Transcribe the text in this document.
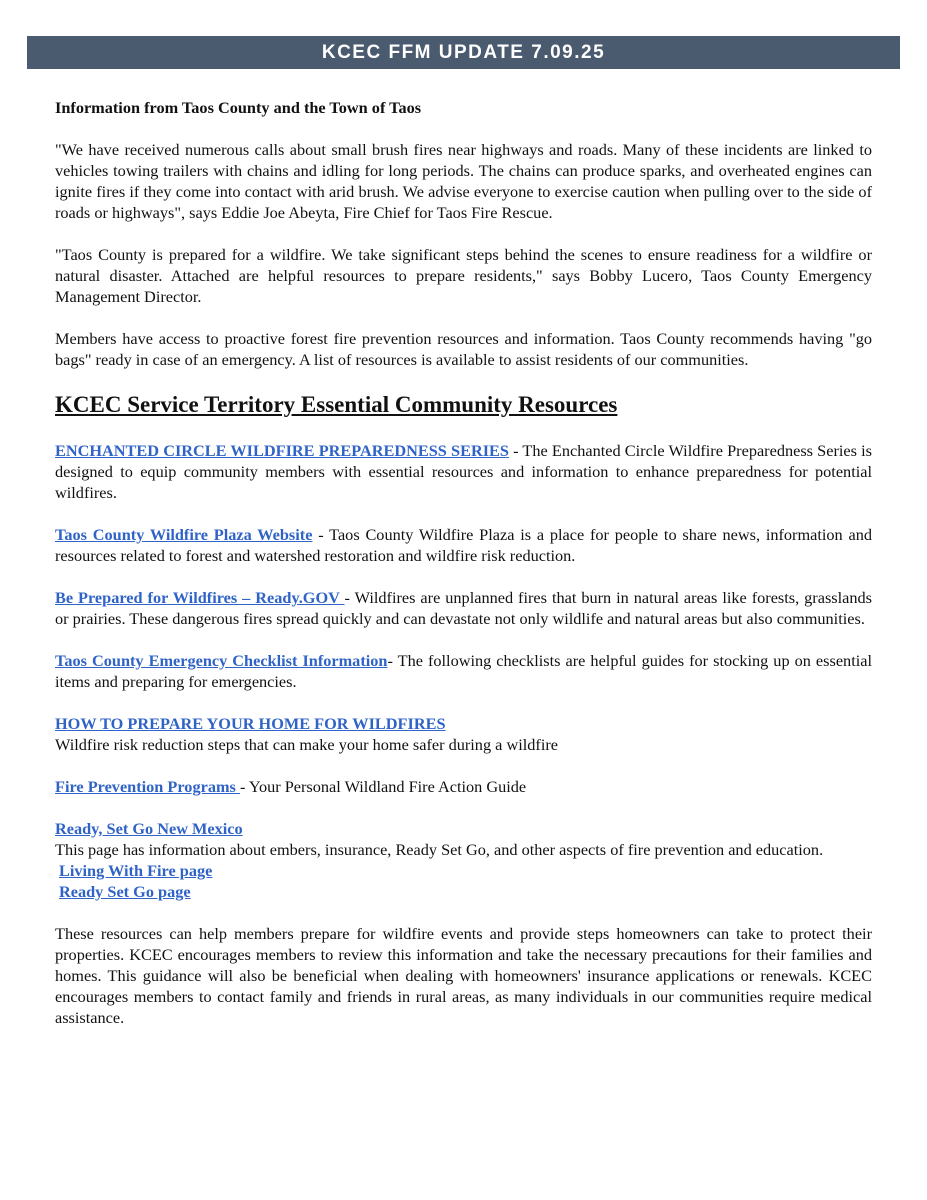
KCEC FFM UPDATE 7.09.25

Information from Taos County and the Town of Taos

"We have received numerous calls about small brush fires near highways and roads. Many of these incidents are linked to vehicles towing trailers with chains and idling for long periods. The chains can produce sparks, and overheated engines can ignite fires if they come into contact with arid brush. We advise everyone to exercise caution when pulling over to the side of roads or highways", says Eddie Joe Abeyta, Fire Chief for Taos Fire Rescue.

"Taos County is prepared for a wildfire. We take significant steps behind the scenes to ensure readiness for a wildfire or natural disaster. Attached are helpful resources to prepare residents," says Bobby Lucero, Taos County Emergency Management Director.

Members have access to proactive forest fire prevention resources and information. Taos County recommends having "go bags" ready in case of an emergency. A list of resources is available to assist residents of our communities.

KCEC Service Territory Essential Community Resources

ENCHANTED CIRCLE WILDFIRE PREPAREDNESS SERIES - The Enchanted Circle Wildfire Preparedness Series is designed to equip community members with essential resources and information to enhance preparedness for potential wildfires.

Taos County Wildfire Plaza Website - Taos County Wildfire Plaza is a place for people to share news, information and resources related to forest and watershed restoration and wildfire risk reduction.

Be Prepared for Wildfires – Ready.GOV - Wildfires are unplanned fires that burn in natural areas like forests, grasslands or prairies. These dangerous fires spread quickly and can devastate not only wildlife and natural areas but also communities.

Taos County Emergency Checklist Information- The following checklists are helpful guides for stocking up on essential items and preparing for emergencies.

HOW TO PREPARE YOUR HOME FOR WILDFIRES
Wildfire risk reduction steps that can make your home safer during a wildfire

Fire Prevention Programs - Your Personal Wildland Fire Action Guide

Ready, Set Go New Mexico
This page has information about embers, insurance, Ready Set Go, and other aspects of fire prevention and education.
Living With Fire page
Ready Set Go page

These resources can help members prepare for wildfire events and provide steps homeowners can take to protect their properties. KCEC encourages members to review this information and take the necessary precautions for their families and homes. This guidance will also be beneficial when dealing with homeowners' insurance applications or renewals. KCEC encourages members to contact family and friends in rural areas, as many individuals in our communities require medical assistance.
